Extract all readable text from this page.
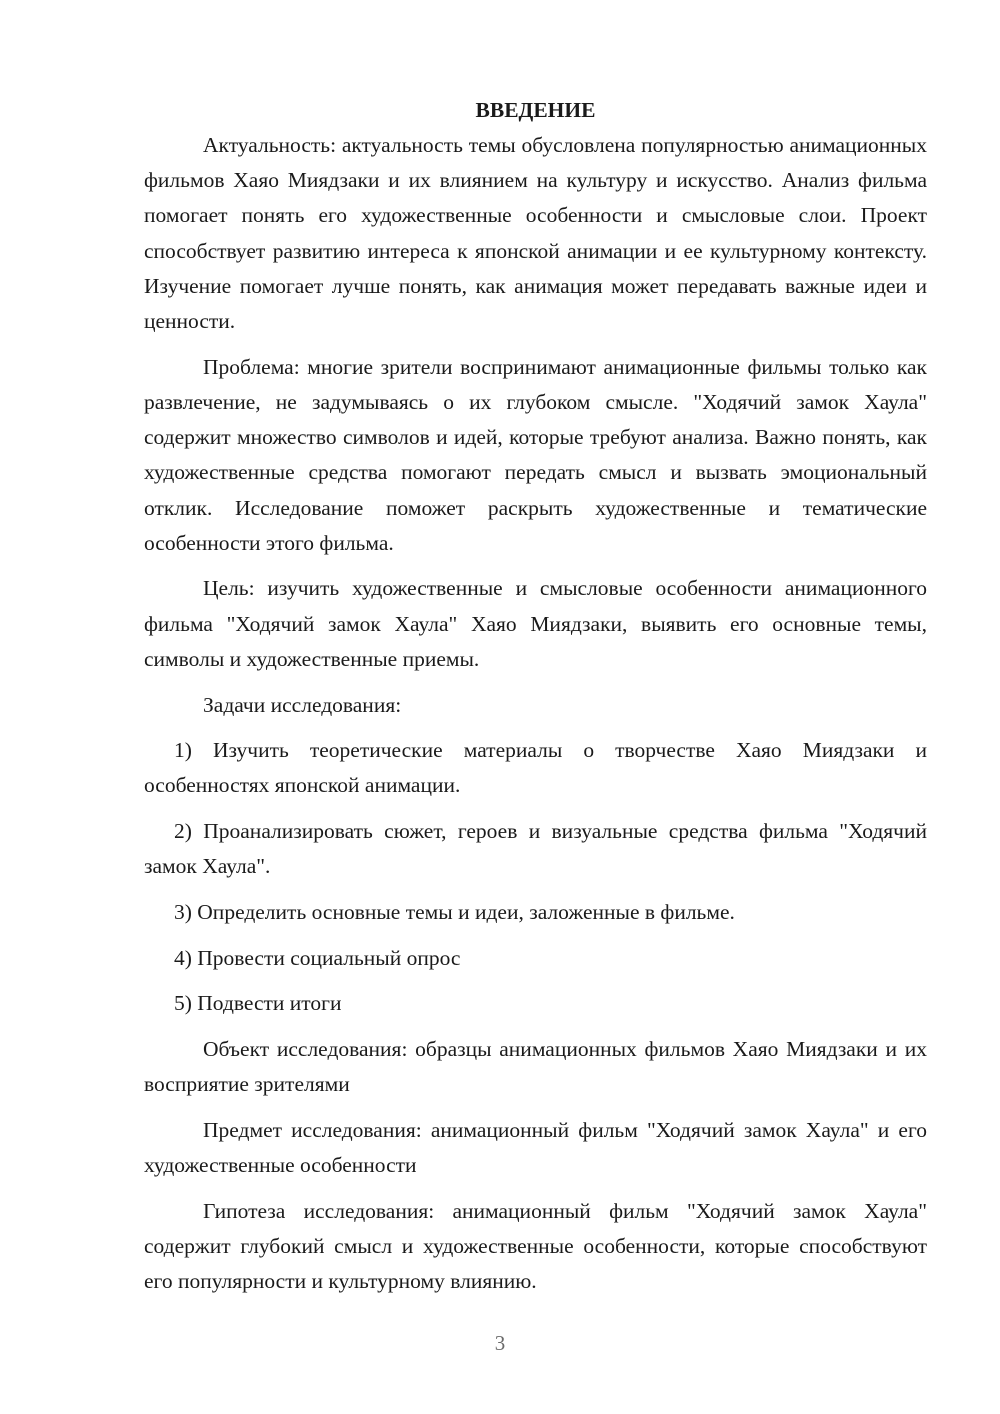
ВВЕДЕНИЕ

Актуальность: актуальность темы обусловлена популярностью анимационных фильмов Хаяо Миядзаки и их влиянием на культуру и искусство. Анализ фильма помогает понять его художественные особенности и смысловые слои. Проект способствует развитию интереса к японской анимации и ее культурному контексту. Изучение помогает лучше понять, как анимация может передавать важные идеи и ценности.

Проблема: многие зрители воспринимают анимационные фильмы только как развлечение, не задумываясь о их глубоком смысле. "Ходячий замок Хаула" содержит множество символов и идей, которые требуют анализа. Важно понять, как художественные средства помогают передать смысл и вызвать эмоциональный отклик. Исследование поможет раскрыть художественные и тематические особенности этого фильма.

Цель: изучить художественные и смысловые особенности анимационного фильма "Ходячий замок Хаула" Хаяо Миядзаки, выявить его основные темы, символы и художественные приемы.

Задачи исследования:

1) Изучить теоретические материалы о творчестве Хаяо Миядзаки и особенностях японской анимации.

2) Проанализировать сюжет, героев и визуальные средства фильма "Ходячий замок Хаула".

3) Определить основные темы и идеи, заложенные в фильме.

4) Провести социальный опрос

5) Подвести итоги

Объект исследования: образцы анимационных фильмов Хаяо Миядзаки и их восприятие зрителями

Предмет исследования: анимационный фильм "Ходячий замок Хаула" и его художественные особенности

Гипотеза исследования: анимационный фильм "Ходячий замок Хаула" содержит глубокий смысл и художественные особенности, которые способствуют его популярности и культурному влиянию.

3
